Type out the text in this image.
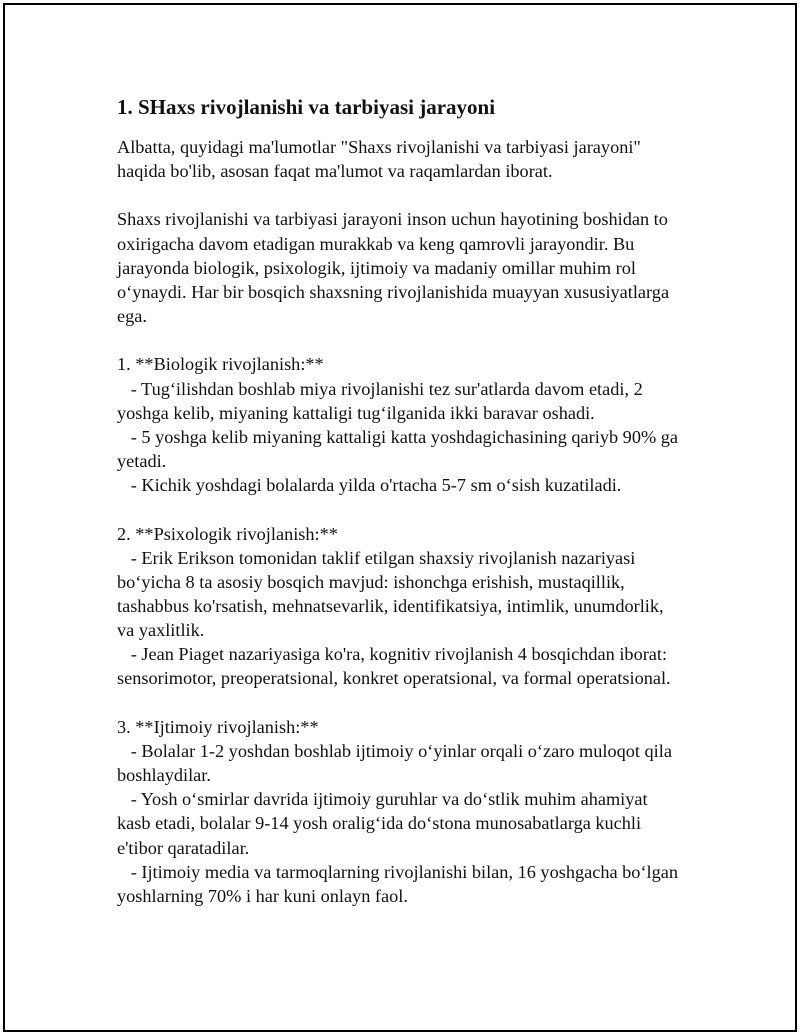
1. SHaxs rivojlanishi va tarbiyasi jarayoni
Albatta, quyidagi ma'lumotlar "Shaxs rivojlanishi va tarbiyasi jarayoni"
haqida bo'lib, asosan faqat ma'lumot va raqamlardan iborat.
Shaxs rivojlanishi va tarbiyasi jarayoni inson uchun hayotining boshidan to
oxirigacha davom etadigan murakkab va keng qamrovli jarayondir. Bu
jarayonda biologik, psixologik, ijtimoiy va madaniy omillar muhim rol
o‘ynaydi. Har bir bosqich shaxsning rivojlanishida muayyan xususiyatlarga
ega.
1. **Biologik rivojlanish:**
- Tug‘ilishdan boshlab miya rivojlanishi tez sur'atlarda davom etadi, 2
yoshga kelib, miyaning kattaligi tug‘ilganida ikki baravar oshadi.
- 5 yoshga kelib miyaning kattaligi katta yoshdagichasining qariyb 90% ga
yetadi.
- Kichik yoshdagi bolalarda yilda o'rtacha 5-7 sm o‘sish kuzatiladi.
2. **Psixologik rivojlanish:**
- Erik Erikson tomonidan taklif etilgan shaxsiy rivojlanish nazariyasi
bo‘yicha 8 ta asosiy bosqich mavjud: ishonchga erishish, mustaqillik,
tashabbus ko'rsatish, mehnatsevarlik, identifikatsiya, intimlik, unumdorlik,
va yaxlitlik.
- Jean Piaget nazariyasiga ko'ra, kognitiv rivojlanish 4 bosqichdan iborat:
sensorimotor, preoperatsional, konkret operatsional, va formal operatsional.
3. **Ijtimoiy rivojlanish:**
- Bolalar 1-2 yoshdan boshlab ijtimoiy o‘yinlar orqali o‘zaro muloqot qila
boshlaydilar.
- Yosh o‘smirlar davrida ijtimoiy guruhlar va do‘stlik muhim ahamiyat
kasb etadi, bolalar 9-14 yosh oralig‘ida do‘stona munosabatlarga kuchli
e'tibor qaratadilar.
- Ijtimoiy media va tarmoqlarning rivojlanishi bilan, 16 yoshgacha bo‘lgan
yoshlarning 70% i har kuni onlayn faol.
